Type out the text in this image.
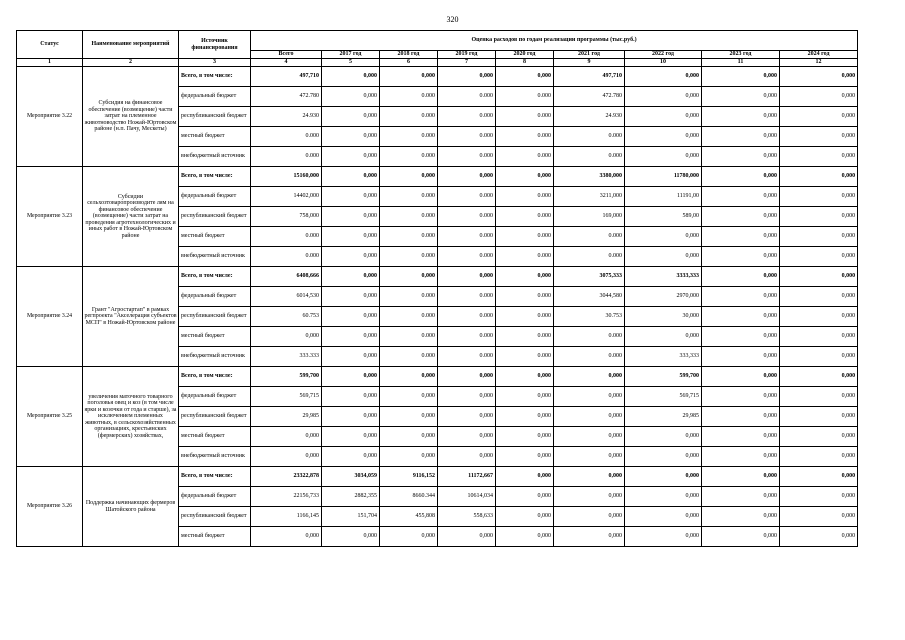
320
Статус	Наименование мероприятий	Источник финансирования	Оценка расходов по годам реализации программы (тыс.руб.)								
			Всего	2017 год	2018 год	2019 год	2020 год	2021 год	2022 год	2023 год	2024 год
1	2	3	4	5	6	7	8	9	10	11	12
Мероприятие 3.22	Субсидия на финансовое обеспечение (возмещение) части затрат на племенное животноводство Ножай-Юртовском районе (н.п. Пачу, Мескеты)	Всего, в том числе:	497,710	0,000	0,000	0,000	0,000	497,710	0,000	0,000	0,000
		федеральный бюджет	472.780	0,000	0.000	0.000	0.000	472.780	0,000	0,000	0,000
		республиканский бюджет	24.930	0,000	0.000	0.000	0.000	24.930	0,000	0,000	0,000
		местный бюджет	0.000	0,000	0.000	0.000	0.000	0.000	0,000	0,000	0,000
		внебюджетный источник	0.000	0,000	0.000	0.000	0.000	0.000	0,000	0,000	0,000
Мероприятие 3.23	Субсидии сельхозтоваропроизводите лям на финансовое обеспечение (возмещение) части затрат на проведения агротехнологических и иных работ в Ножай-Юртовском районе	Всего, в том числе:	15160,000	0,000	0,000	0,000	0,000	3380,000	11780,000	0,000	0,000
		федеральный бюджет	14402,000	0,000	0.000	0.000	0.000	3211,000	11191,00	0,000	0,000
		республиканский бюджет	758,000	0,000	0.000	0.000	0.000	169,000	589,00	0,000	0,000
		местный бюджет	0.000	0,000	0.000	0.000	0.000	0.000	0,000	0,000	0,000
		внебюджетный источник	0.000	0,000	0.000	0.000	0.000	0.000	0,000	0,000	0,000
Мероприятие 3.24	Грант "Агростартап" в рамках регпроекта "Акселерация субъектов МСП" в Ножай-Юртовском районе	Всего, в том числе:	6408,666	0,000	0,000	0,000	0,000	3075,333	3333,333	0,000	0,000
		федеральный бюджет	6014,530	0,000	0.000	0.000	0.000	3044,580	2970,000	0,000	0,000
		республиканский бюджет	60.753	0,000	0.000	0.000	0.000	30.753	30,000	0,000	0,000
		местный бюджет	0,000	0,000	0.000	0.000	0.000	0.000	0,000	0,000	0,000
		внебюджетный источник	333.333	0,000	0.000	0.000	0.000	0.000	333,333	0,000	0,000
Мероприятие 3.25	увеличения маточного товарного поголовья овец и коз (в том числе ярки и козочки от года и старше), за исключением племенных животных, в сельскохозяйственных организациях, крестьянских (фермерских) хозяйствах,	Всего, в том числе:	599,700	0,000	0,000	0,000	0,000	0,000	599,700	0,000	0,000
		федеральный бюджет	569,715	0,000	0,000	0,000	0,000	0,000	569,715	0,000	0,000
		республиканский бюджет	29,985	0,000	0,000	0,000	0,000	0,000	29,985	0,000	0,000
		местный бюджет	0,000	0,000	0,000	0,000	0,000	0,000	0,000	0,000	0,000
		внебюджетный источник	0,000	0,000	0,000	0,000	0,000	0,000	0,000	0,000	0,000
Мероприятие 3.26	Поддержка начинающих фермеров Шатойского района	Всего, в том числе:	23322,878	3034,059	9116,152	11172,667	0,000	0,000	0,000	0,000	0,000
		федеральный бюджет	22156,733	2882,355	8660.344	10614,034	0,000	0,000	0,000	0,000	0,000
		республиканский бюджет	1166,145	151,704	455,808	558,633	0,000	0,000	0,000	0,000	0,000
		местный бюджет	0,000	0,000	0,000	0,000	0,000	0,000	0,000	0,000	0,000
